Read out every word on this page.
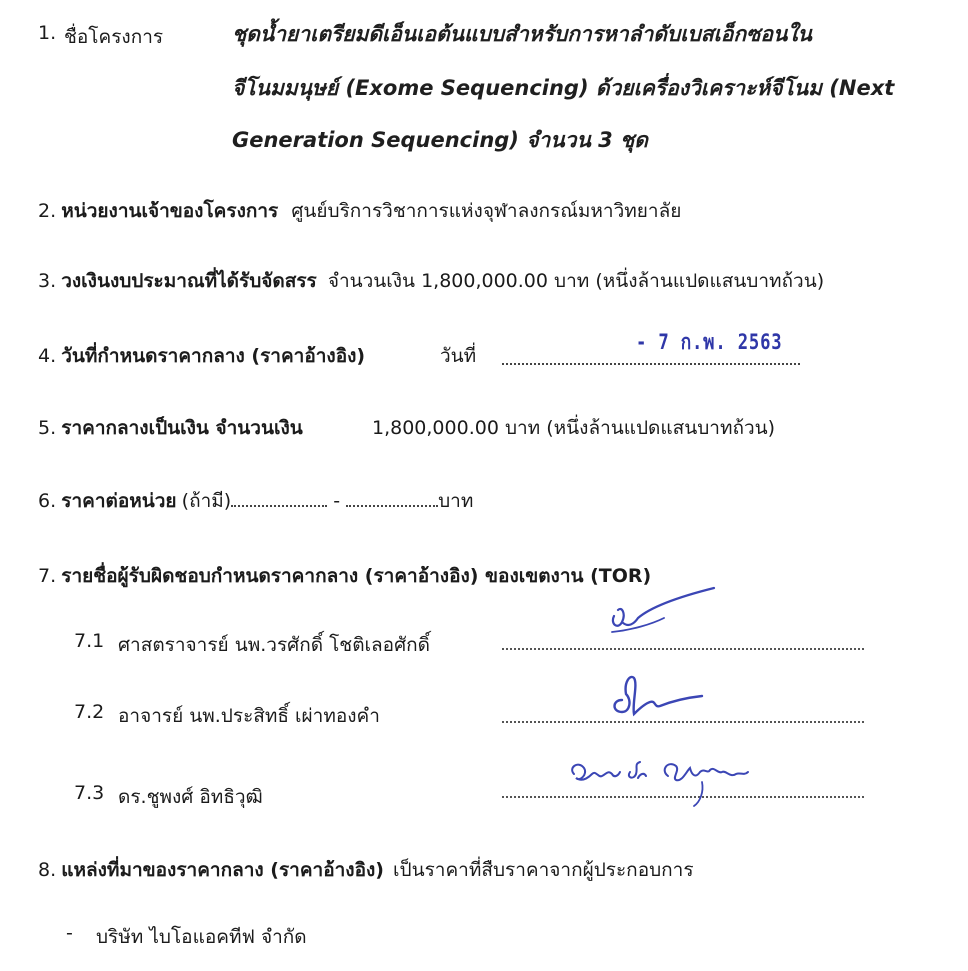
1. ชื่อโครงการ	ชุดน้ำยาเตรียมดีเอ็นเอต้นแบบสำหรับการหาลำดับเบสเอ็กซอนใน
จีโนมมนุษย์ (Exome Sequencing) ด้วยเครื่องวิเคราะห์จีโนม (Next
Generation Sequencing) จำนวน 3 ชุด
2. หน่วยงานเจ้าของโครงการ ศูนย์บริการวิชาการแห่งจุฬาลงกรณ์มหาวิทยาลัย
3. วงเงินงบประมาณที่ได้รับจัดสรร จำนวนเงิน 1,800,000.00 บาท (หนึ่งล้านแปดแสนบาทถ้วน)
4. วันที่กำหนดราคากลาง (ราคาอ้างอิง)	วันที่
- 7 ก.พ. 2563
5. ราคากลางเป็นเงิน จำนวนเงิน	1,800,000.00 บาท (หนึ่งล้านแปดแสนบาทถ้วน)
6. ราคาต่อหน่วย (ถ้ามี)	-	บาท
7. รายชื่อผู้รับผิดชอบกำหนดราคากลาง (ราคาอ้างอิง) ของเขตงาน (TOR)
7.1 ศาสตราจารย์ นพ.วรศักดิ์ โชติเลอศักดิ์
7.2 อาจารย์ นพ.ประสิทธิ์ เผ่าทองคำ
7.3 ดร.ชูพงศ์ อิทธิวุฒิ
8. แหล่งที่มาของราคากลาง (ราคาอ้างอิง) เป็นราคาที่สืบราคาจากผู้ประกอบการ
- บริษัท ไบโอแอคทีฟ จำกัด
